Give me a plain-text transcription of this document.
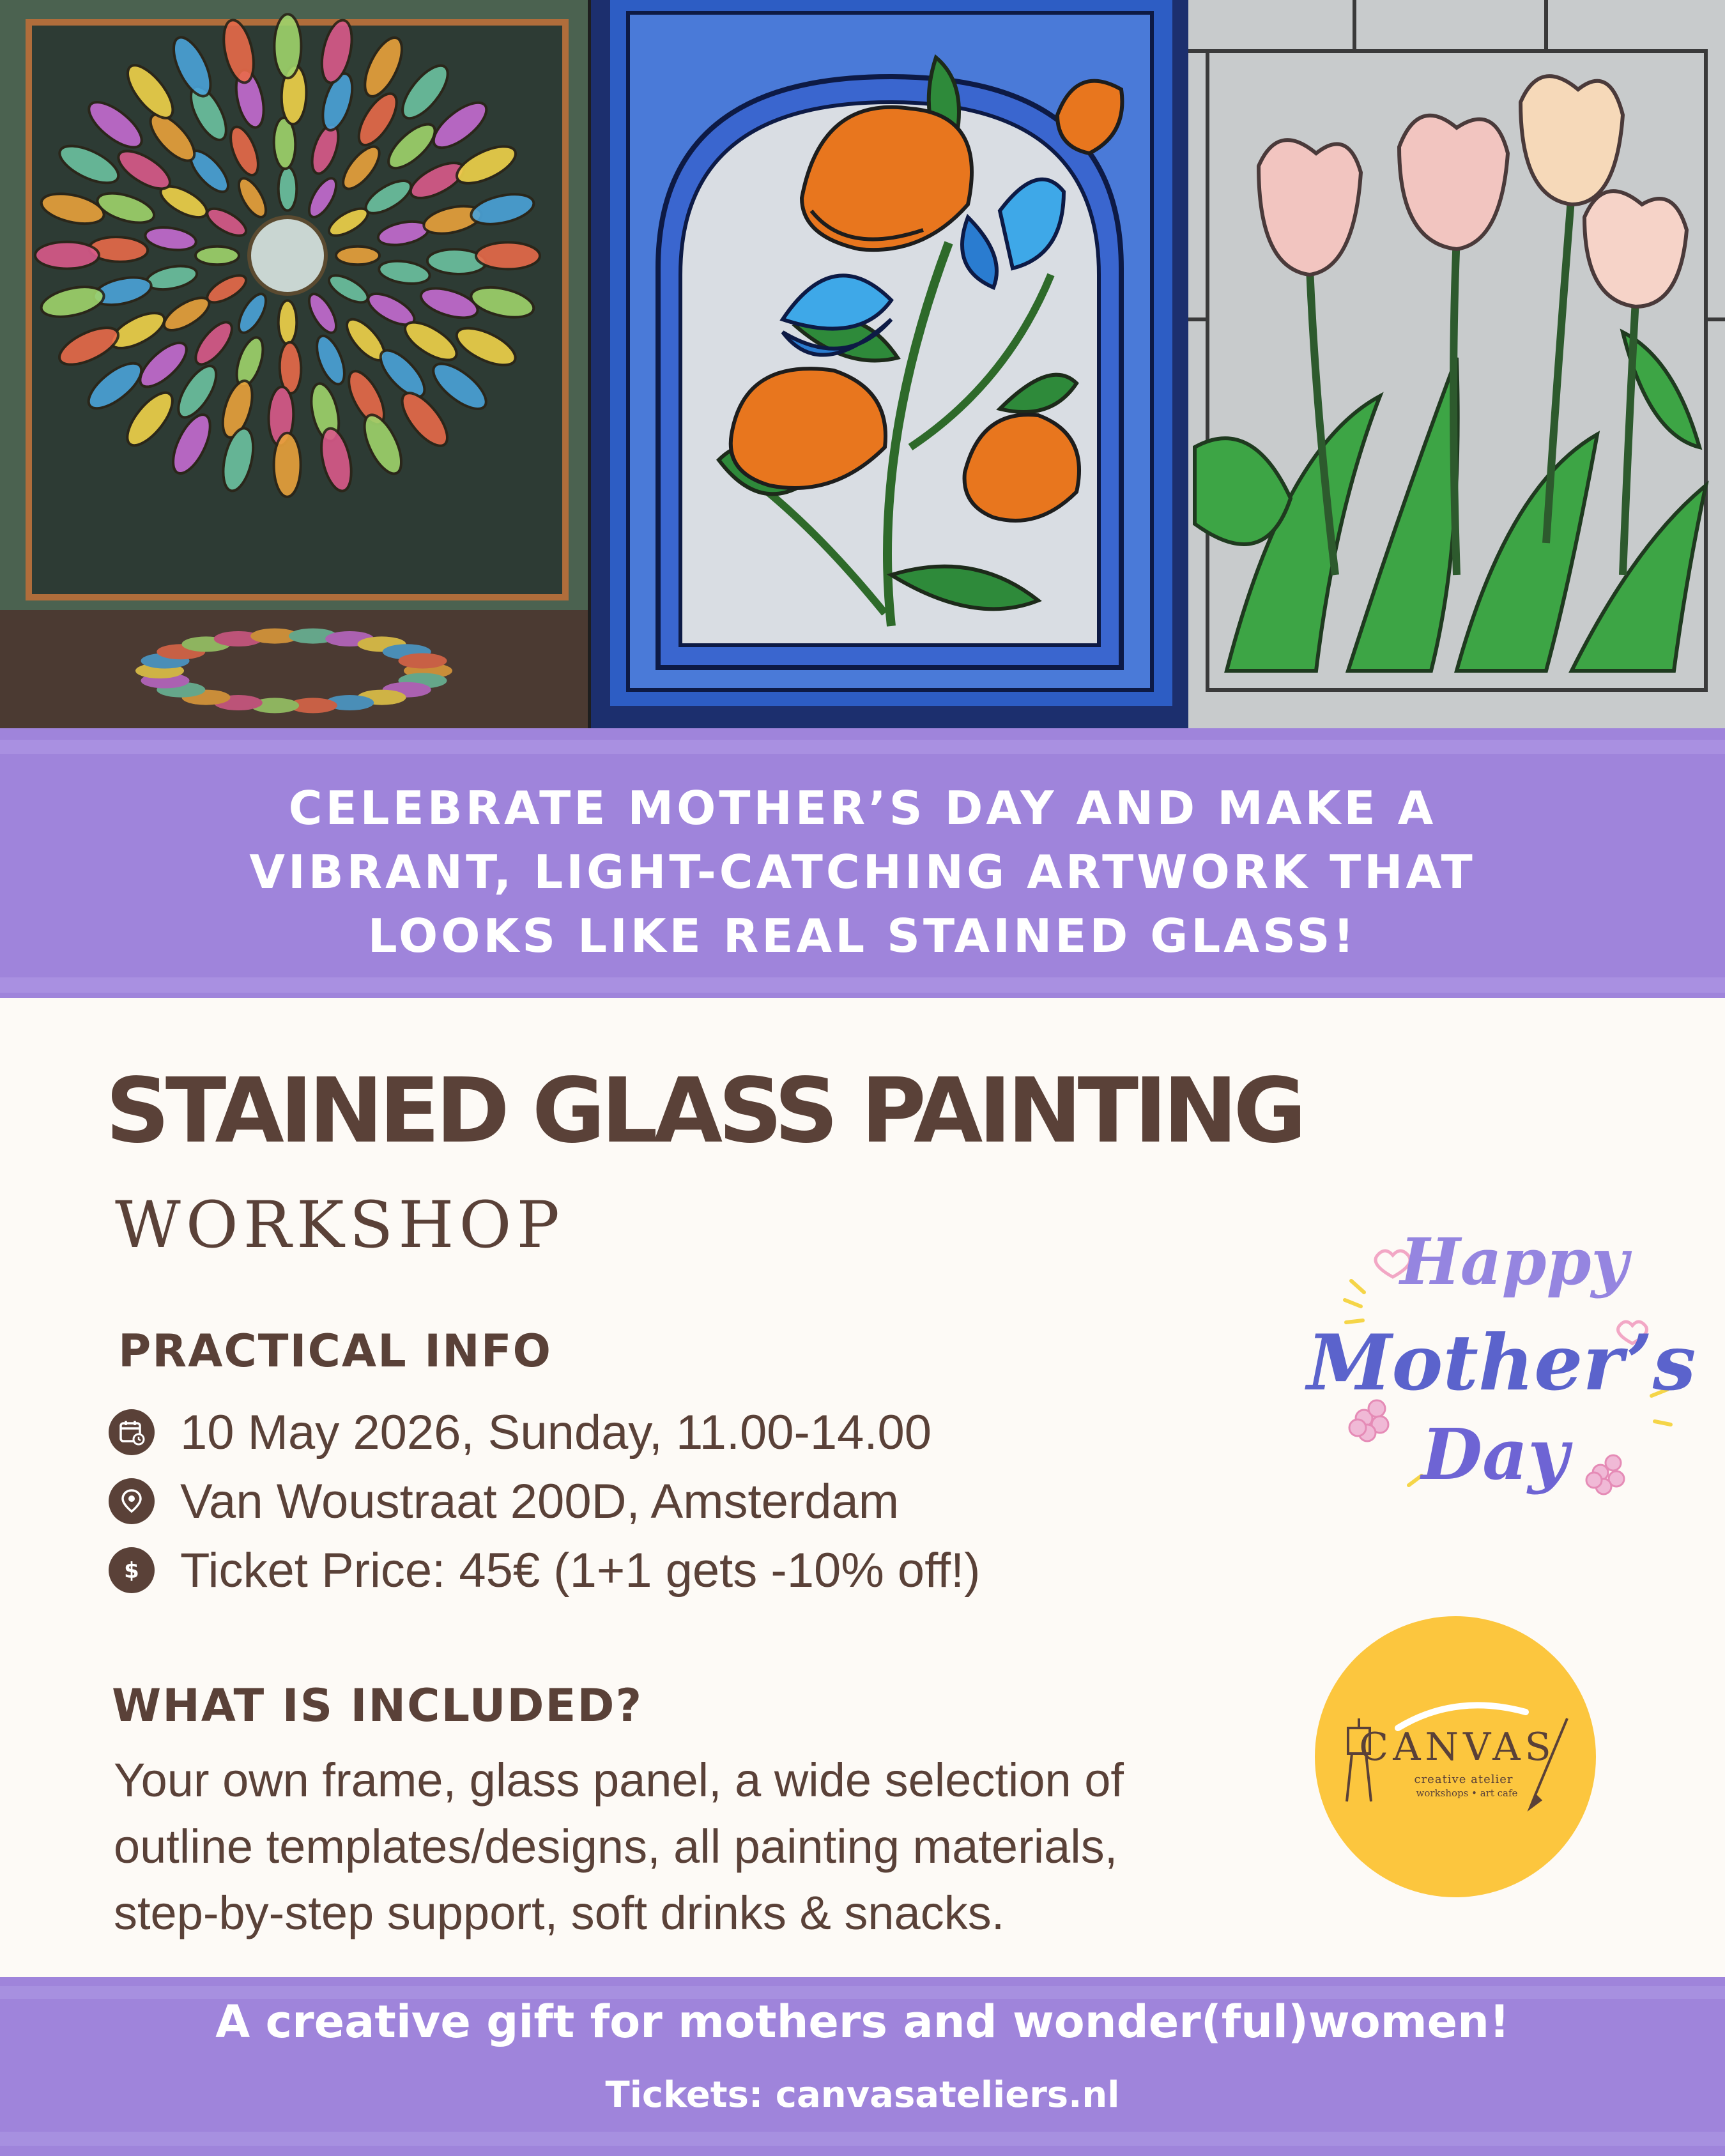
CELEBRATE MOTHER’S DAY AND MAKE A
VIBRANT, LIGHT-CATCHING ARTWORK THAT
LOOKS LIKE REAL STAINED GLASS!
STAINED GLASS PAINTING
WORKSHOP
PRACTICAL INFO
10 May 2026, Sunday, 11.00-14.00
Van Woustraat 200D, Amsterdam
$ Ticket Price: 45€ (1+1 gets -10% off!)
WHAT IS INCLUDED?
Your own frame, glass panel, a wide selection of
outline templates/designs, all painting materials,
step-by-step support, soft drinks & snacks.
Happy
Mother’s
Day
CANVAS
creative atelier
workshops • art cafe
A creative gift for mothers and wonder(ful)women!
Tickets: canvasateliers.nl
